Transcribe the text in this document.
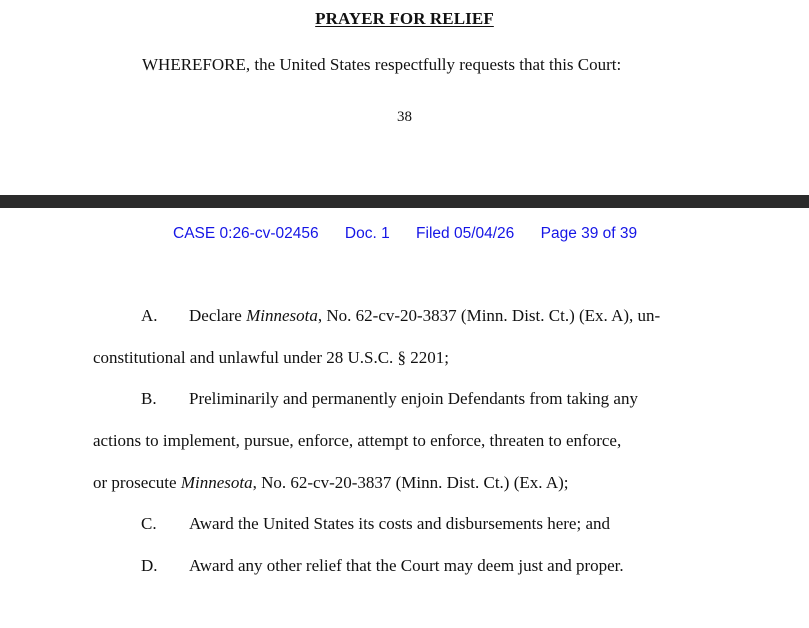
PRAYER FOR RELIEF
WHEREFORE, the United States respectfully requests that this Court:
38
CASE 0:26-cv-02456 Doc. 1 Filed 05/04/26 Page 39 of 39
A. Declare Minnesota, No. 62-cv-20-3837 (Minn. Dist. Ct.) (Ex. A), un-
constitutional and unlawful under 28 U.S.C. § 2201;
B. Preliminarily and permanently enjoin Defendants from taking any
actions to implement, pursue, enforce, attempt to enforce, threaten to enforce,
or prosecute Minnesota, No. 62-cv-20-3837 (Minn. Dist. Ct.) (Ex. A);
C. Award the United States its costs and disbursements here; and
D. Award any other relief that the Court may deem just and proper.
